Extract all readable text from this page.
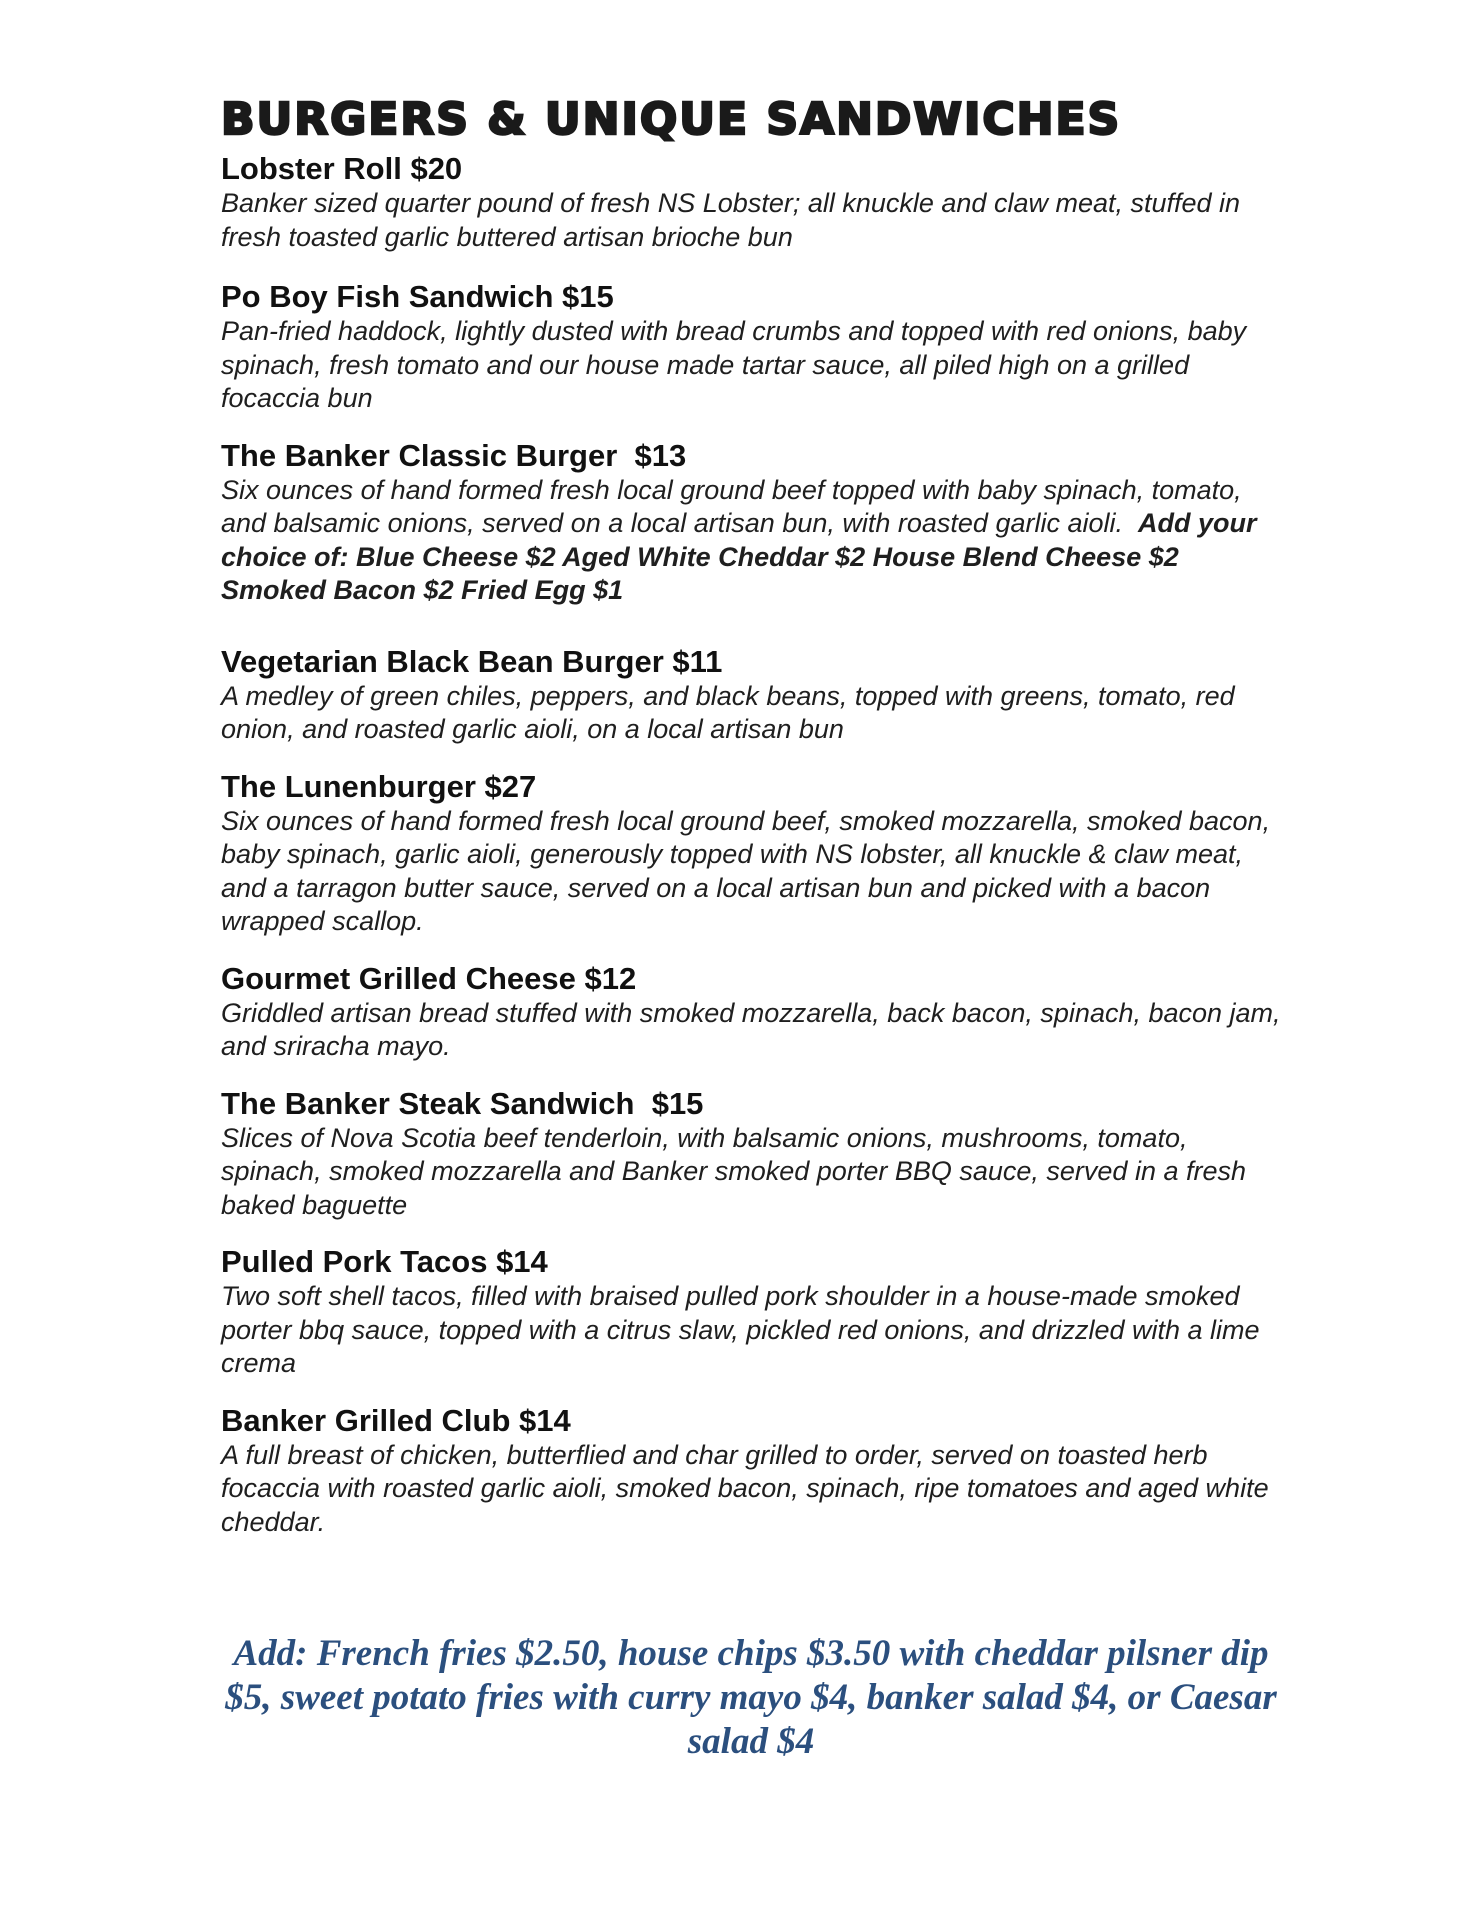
BURGERS & UNIQUE SANDWICHES
Lobster Roll $20
Banker sized quarter pound of fresh NS Lobster; all knuckle and claw meat, stuffed in fresh toasted garlic buttered artisan brioche bun
Po Boy Fish Sandwich $15
Pan-fried haddock, lightly dusted with bread crumbs and topped with red onions, baby spinach, fresh tomato and our house made tartar sauce, all piled high on a grilled focaccia bun
The Banker Classic Burger  $13
Six ounces of hand formed fresh local ground beef topped with baby spinach, tomato, and balsamic onions, served on a local artisan bun, with roasted garlic aioli. Add your choice of: Blue Cheese $2 Aged White Cheddar $2 House Blend Cheese $2 Smoked Bacon $2 Fried Egg $1
Vegetarian Black Bean Burger $11
A medley of green chiles, peppers, and black beans, topped with greens, tomato, red onion, and roasted garlic aioli, on a local artisan bun
The Lunenburger $27
Six ounces of hand formed fresh local ground beef, smoked mozzarella, smoked bacon, baby spinach, garlic aioli, generously topped with NS lobster, all knuckle & claw meat, and a tarragon butter sauce, served on a local artisan bun and picked with a bacon wrapped scallop.
Gourmet Grilled Cheese $12
Griddled artisan bread stuffed with smoked mozzarella, back bacon, spinach, bacon jam, and sriracha mayo.
The Banker Steak Sandwich  $15
Slices of Nova Scotia beef tenderloin, with balsamic onions, mushrooms, tomato, spinach, smoked mozzarella and Banker smoked porter BBQ sauce, served in a fresh baked baguette
Pulled Pork Tacos $14
Two soft shell tacos, filled with braised pulled pork shoulder in a house-made smoked porter bbq sauce, topped with a citrus slaw, pickled red onions, and drizzled with a lime crema
Banker Grilled Club $14
A full breast of chicken, butterflied and char grilled to order, served on toasted herb focaccia with roasted garlic aioli, smoked bacon, spinach, ripe tomatoes and aged white cheddar.
Add: French fries $2.50, house chips $3.50 with cheddar pilsner dip $5, sweet potato fries with curry mayo $4, banker salad $4, or Caesar salad $4
